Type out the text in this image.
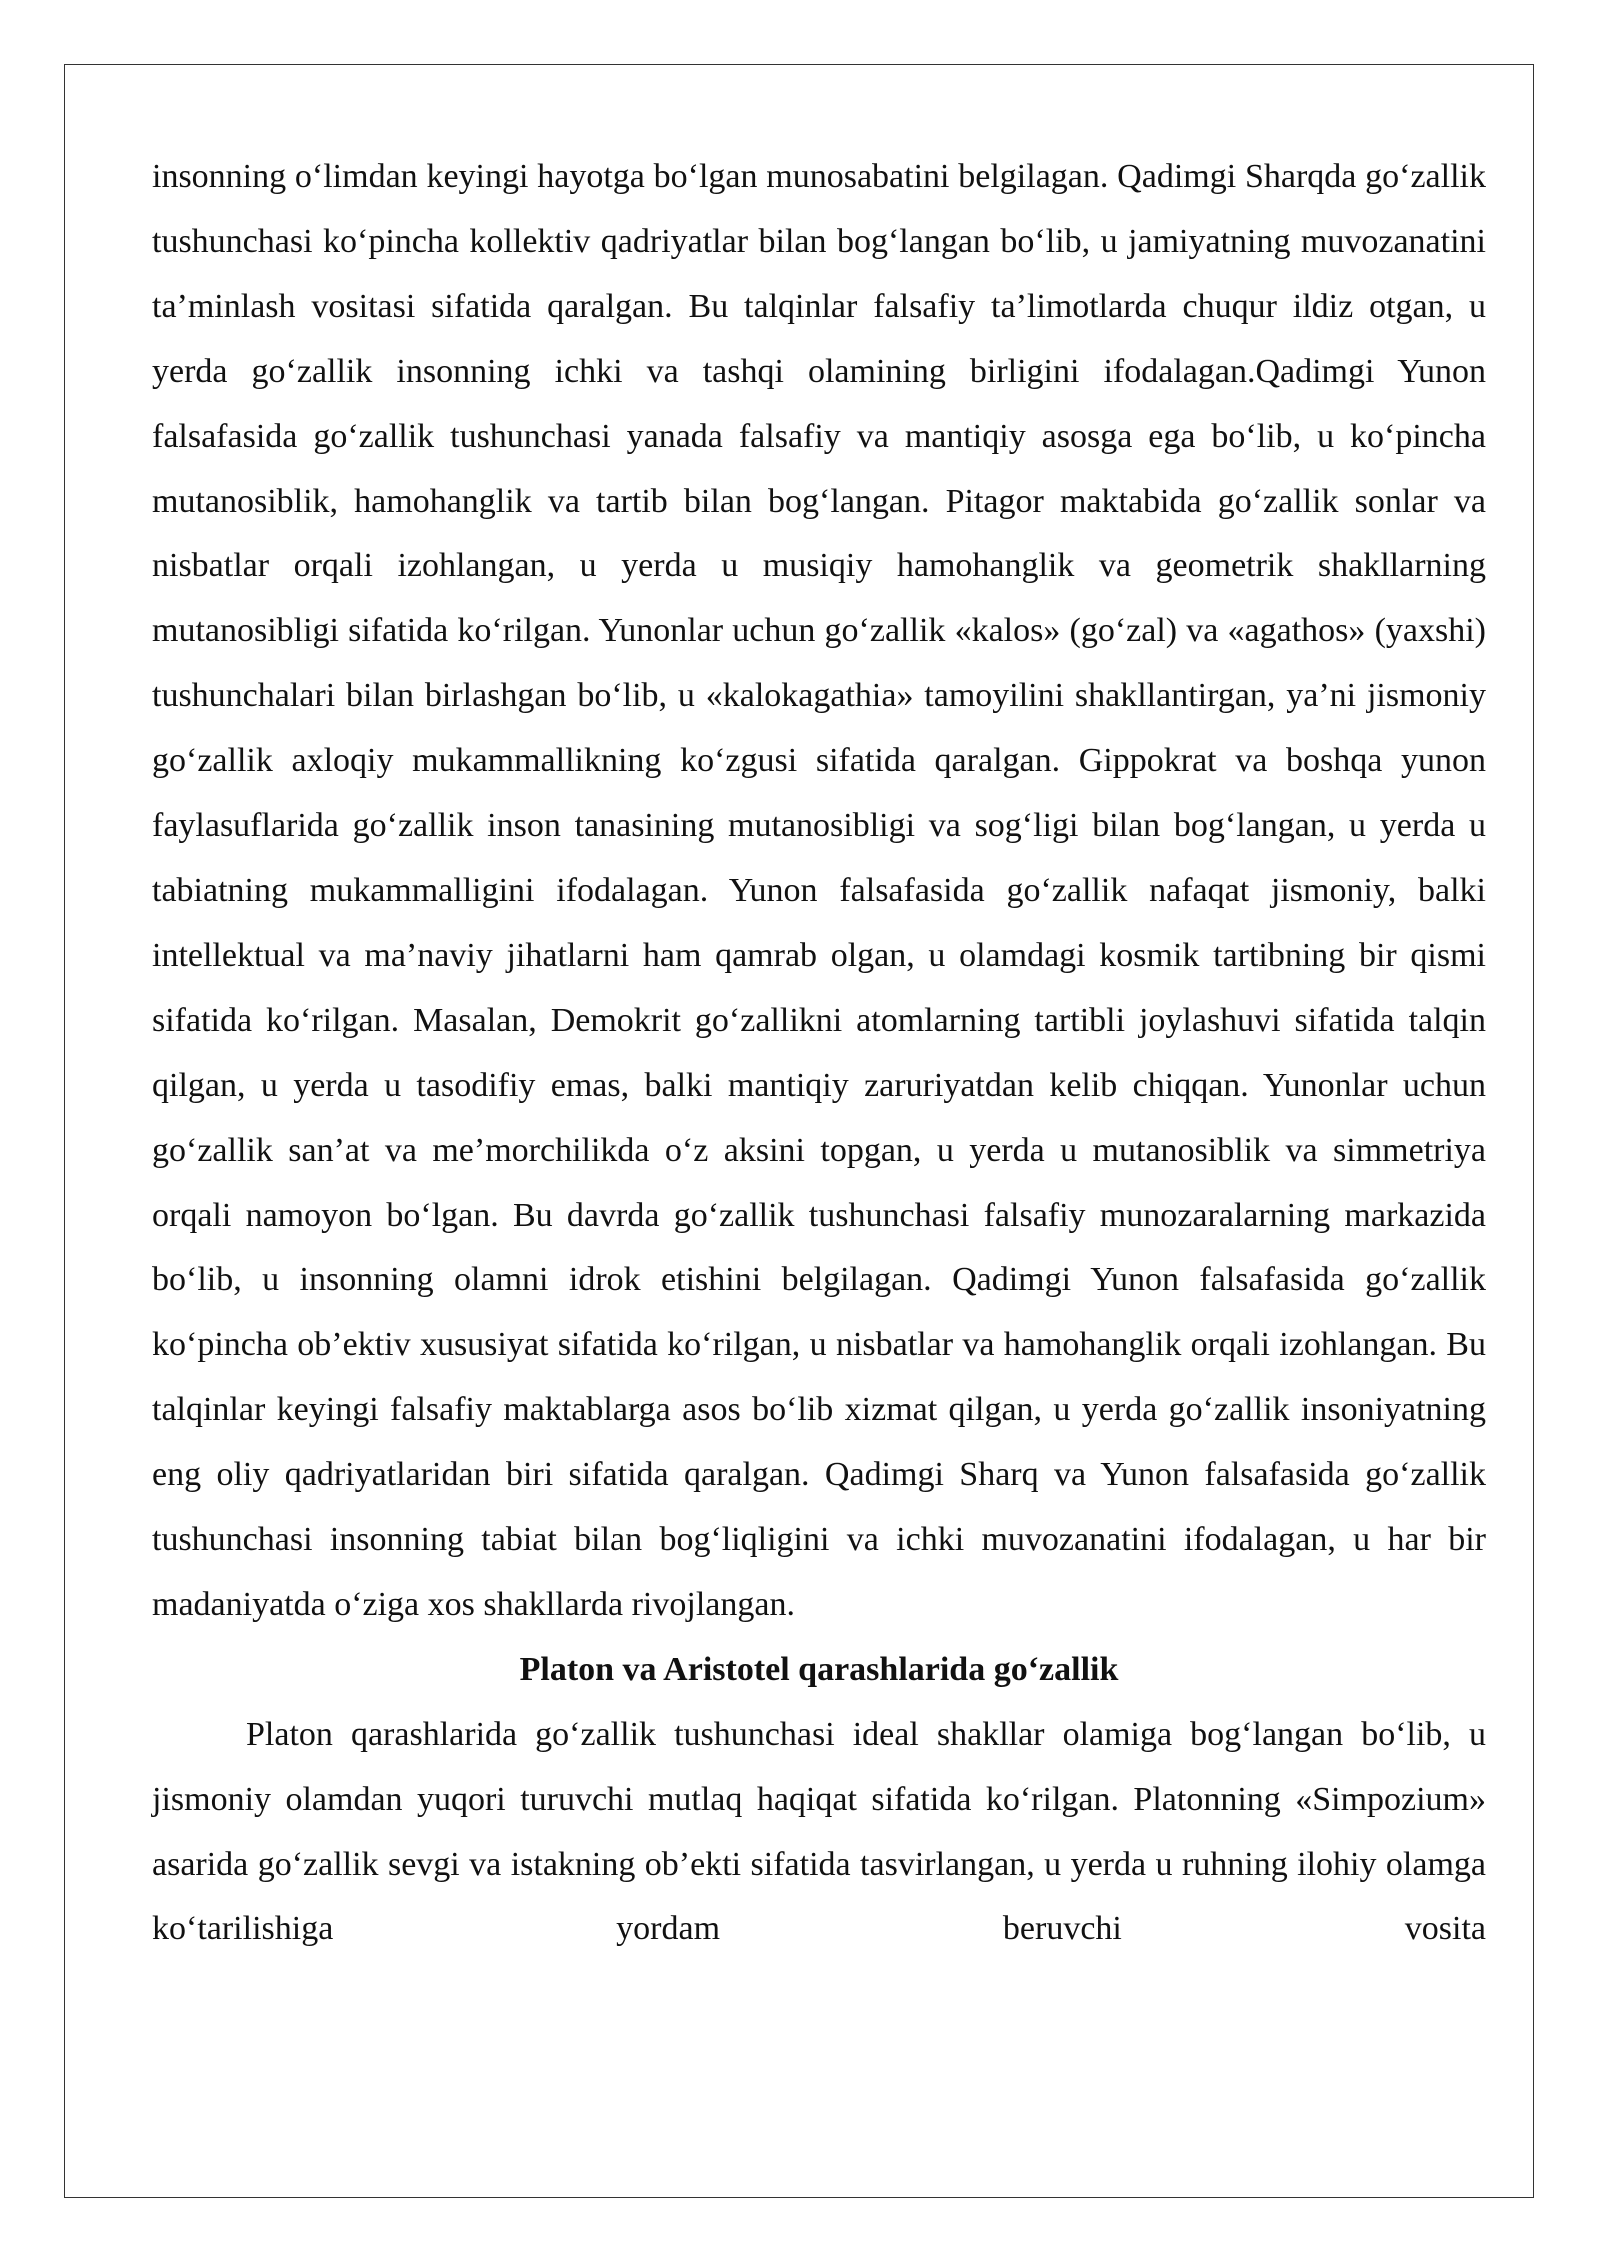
insonning o‘limdan keyingi hayotga bo‘lgan munosabatini belgilagan. Qadimgi Sharqda go‘zallik tushunchasi ko‘pincha kollektiv qadriyatlar bilan bog‘langan bo‘lib, u jamiyatning muvozanatini ta’minlash vositasi sifatida qaralgan. Bu talqinlar falsafiy ta’limotlarda chuqur ildiz otgan, u yerda go‘zallik insonning ichki va tashqi olamining birligini ifodalagan.Qadimgi Yunon falsafasida go‘zallik tushunchasi yanada falsafiy va mantiqiy asosga ega bo‘lib, u ko‘pincha mutanosiblik, hamohanglik va tartib bilan bog‘langan. Pitagor maktabida go‘zallik sonlar va nisbatlar orqali izohlangan, u yerda u musiqiy hamohanglik va geometrik shakllarning mutanosibligi sifatida ko‘rilgan. Yunonlar uchun go‘zallik «kalos» (go‘zal) va «agathos» (yaxshi) tushunchalari bilan birlashgan bo‘lib, u «kalokagathia» tamoyilini shakllantirgan, ya’ni jismoniy go‘zallik axloqiy mukammallikning ko‘zgusi sifatida qaralgan. Gippokrat va boshqa yunon faylasuflarida go‘zallik inson tanasining mutanosibligi va sog‘ligi bilan bog‘langan, u yerda u tabiatning mukammalligini ifodalagan. Yunon falsafasida go‘zallik nafaqat jismoniy, balki intellektual va ma’naviy jihatlarni ham qamrab olgan, u olamdagi kosmik tartibning bir qismi sifatida ko‘rilgan. Masalan, Demokrit go‘zallikni atomlarning tartibli joylashuvi sifatida talqin qilgan, u yerda u tasodifiy emas, balki mantiqiy zaruriyatdan kelib chiqqan. Yunonlar uchun go‘zallik san’at va me’morchilikda o‘z aksini topgan, u yerda u mutanosiblik va simmetriya orqali namoyon bo‘lgan. Bu davrda go‘zallik tushunchasi falsafiy munozaralarning markazida bo‘lib, u insonning olamni idrok etishini belgilagan. Qadimgi Yunon falsafasida go‘zallik ko‘pincha ob’ektiv xususiyat sifatida ko‘rilgan, u nisbatlar va hamohanglik orqali izohlangan. Bu talqinlar keyingi falsafiy maktablarga asos bo‘lib xizmat qilgan, u yerda go‘zallik insoniyatning eng oliy qadriyatlaridan biri sifatida qaralgan. Qadimgi Sharq va Yunon falsafasida go‘zallik tushunchasi insonning tabiat bilan bog‘liqligini va ichki muvozanatini ifodalagan, u har bir madaniyatda o‘ziga xos shakllarda rivojlangan.

Platon va Aristotel qarashlarida go‘zallik

Platon qarashlarida go‘zallik tushunchasi ideal shakllar olamiga bog‘langan bo‘lib, u jismoniy olamdan yuqori turuvchi mutlaq haqiqat sifatida ko‘rilgan. Platonning «Simpozium» asarida go‘zallik sevgi va istakning ob’ekti sifatida tasvirlangan, u yerda u ruhning ilohiy olamga ko‘tarilishiga yordam beruvchi vosita
